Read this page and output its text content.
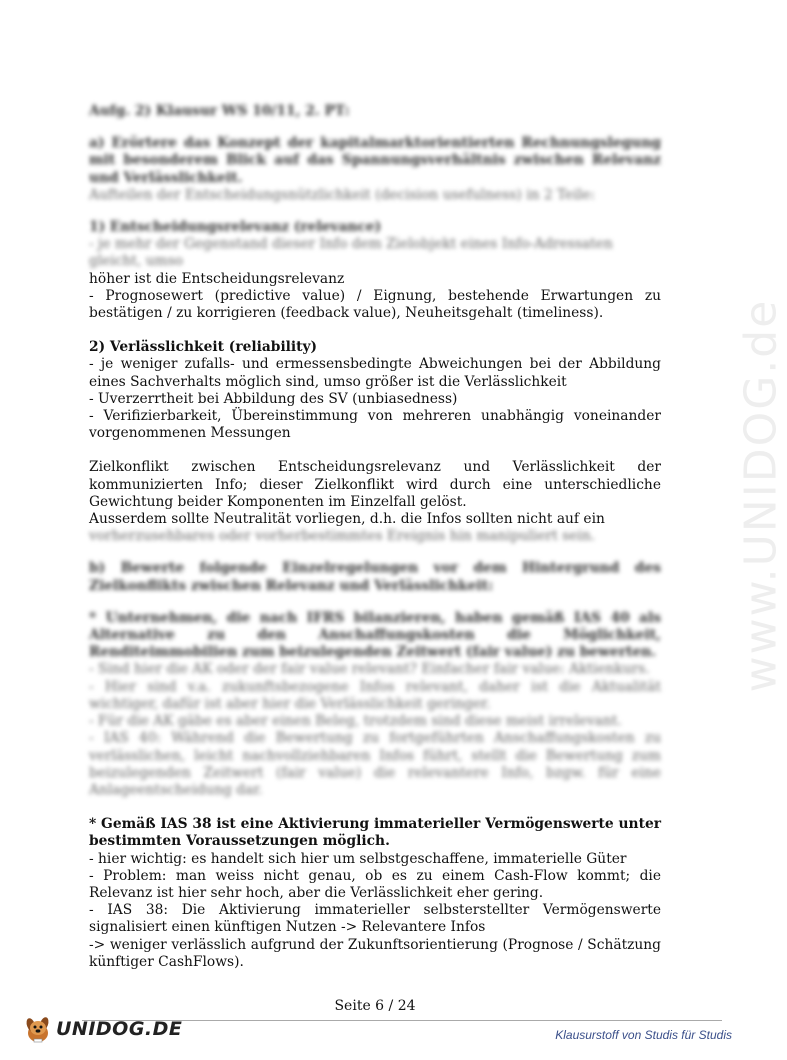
www.UNIDOG.de

Aufg. 2) Klausur WS 10/11, 2. PT:

a) Erörtere das Konzept der kapitalmarktorientierten Rechnungslegung mit besonderem Blick auf das Spannungsverhältnis zwischen Relevanz und Verlässlichkeit.

Aufteilen der Entscheidungsnützlichkeit (decision usefulness) in 2 Teile:

1) Entscheidungsrelevanz (relevance)

- je mehr der Gegenstand dieser Info dem Zielobjekt eines Info-Adressaten gleicht, umso

höher ist die Entscheidungsrelevanz

- Prognosewert (predictive value) / Eignung, bestehende Erwartungen zu bestätigen / zu korrigieren (feedback value), Neuheitsgehalt (timeliness).

2) Verlässlichkeit (reliability)

- je weniger zufalls- und ermessensbedingte Abweichungen bei der Abbildung eines Sachverhalts möglich sind, umso größer ist die Verlässlichkeit

- Uverzerrtheit bei Abbildung des SV (unbiasedness)

- Verifizierbarkeit, Übereinstimmung von mehreren unabhängig voneinander vorgenommenen Messungen

Zielkonflikt zwischen Entscheidungsrelevanz und Verlässlichkeit der kommunizierten Info; dieser Zielkonflikt wird durch eine unterschiedliche Gewichtung beider Komponenten im Einzelfall gelöst.

Ausserdem sollte Neutralität vorliegen, d.h. die Infos sollten nicht auf ein

vorherzusehbares oder vorherbestimmtes Ereignis hin manipuliert sein.

b) Bewerte folgende Einzelregelungen vor dem Hintergrund des Zielkonflikts zwischen Relevanz und Verlässlichkeit:

* Unternehmen, die nach IFRS bilanzieren, haben gemäß IAS 40 als Alternative zu den Anschaffungskosten die Möglichkeit, Renditeimmobilien zum beizulegenden Zeitwert (fair value) zu bewerten.

- Sind hier die AK oder der fair value relevant? Einfacher fair value: Aktienkurs.

- Hier sind v.a. zukunftsbezogene Infos relevant, daher ist die Aktualität wichtiger, dafür ist aber hier die Verlässlichkeit geringer.

- Für die AK gäbe es aber einen Beleg, trotzdem sind diese meist irrelevant.

- IAS 40: Während die Bewertung zu fortgeführten Anschaffungskosten zu verlässlichen, leicht nachvollziehbaren Infos führt, stellt die Bewertung zum beizulegenden Zeitwert (fair value) die relevantere Info, bzgw. für eine Anlageentscheidung dar.

* Gemäß IAS 38 ist eine Aktivierung immaterieller Vermögenswerte unter bestimmten Voraussetzungen möglich.

- hier wichtig: es handelt sich hier um selbstgeschaffene, immaterielle Güter

- Problem: man weiss nicht genau, ob es zu einem Cash-Flow kommt; die Relevanz ist hier sehr hoch, aber die Verlässlichkeit eher gering.

- IAS 38: Die Aktivierung immaterieller selbsterstellter Vermögenswerte signalisiert einen künftigen Nutzen -> Relevantere Infos

-> weniger verlässlich aufgrund der Zukunftsorientierung (Prognose / Schätzung künftiger CashFlows).

Seite 6 / 24
UNIDOG.DE	Klausurstoff von Studis für Studis
